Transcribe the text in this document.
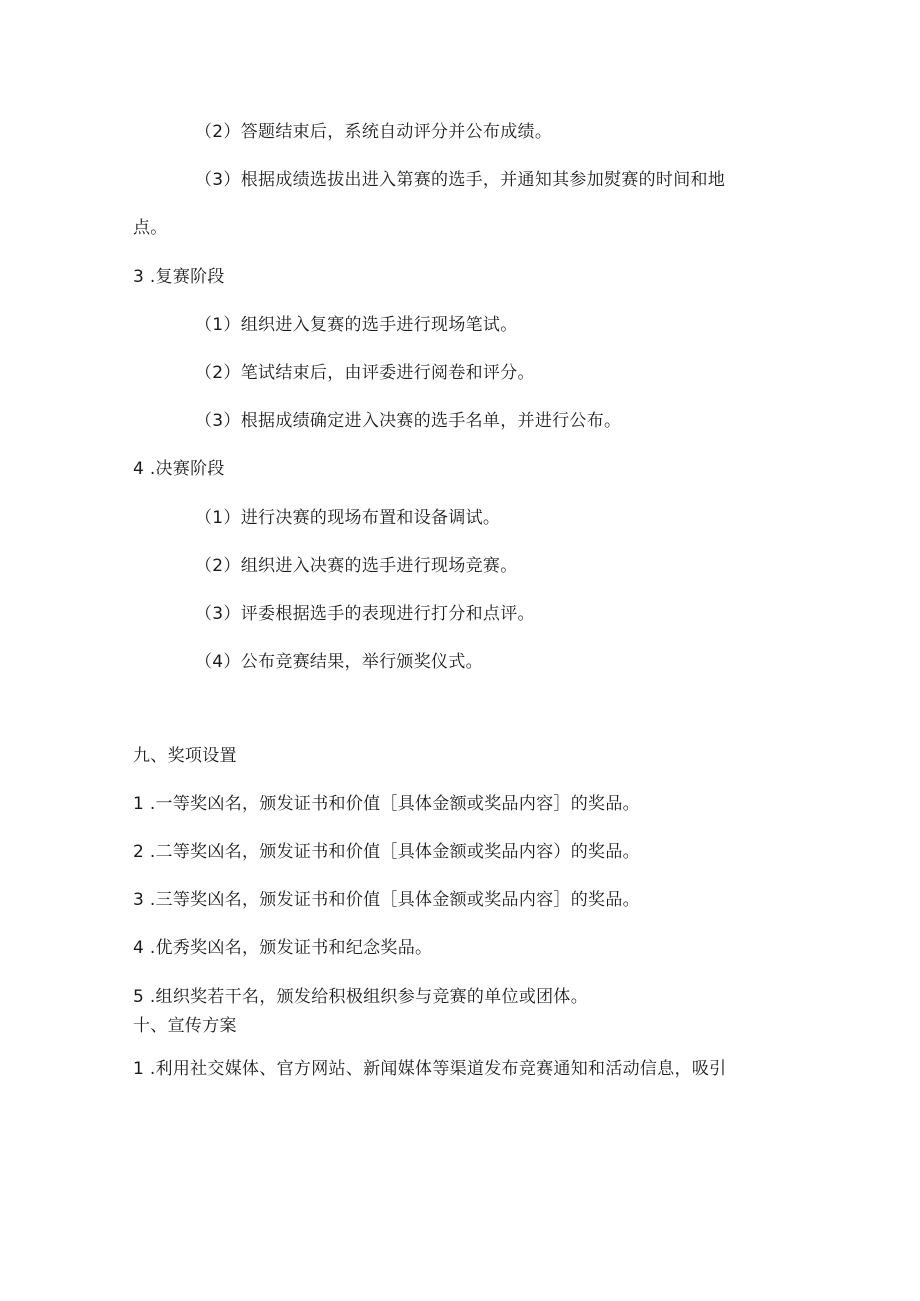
（2）答题结束后，系统自动评分并公布成绩。
（3）根据成绩选拔出进入第赛的选手，并通知其参加熨赛的时间和地
点。
3 .复赛阶段
（1）组织进入复赛的选手进行现场笔试。
（2）笔试结束后，由评委进行阅卷和评分。
（3）根据成绩确定进入决赛的选手名单，并进行公布。
4 .决赛阶段
（1）进行决赛的现场布置和设备调试。
（2）组织进入决赛的选手进行现场竞赛。
（3）评委根据选手的表现进行打分和点评。
（4）公布竞赛结果，举行颁奖仪式。
九、奖项设置
1 .一等奖凶名，颁发证书和价值［具体金额或奖品内容］的奖品。
2 .二等奖凶名，颁发证书和价值［具体金额或奖品内容）的奖品。
3 .三等奖凶名，颁发证书和价值［具体金额或奖品内容］的奖品。
4 .优秀奖凶名，颁发证书和纪念奖品。
5 .组织奖若干名，颁发给积极组织参与竞赛的单位或团体。
十、宣传方案
1 .利用社交媒体、官方网站、新闻媒体等渠道发布竞赛通知和活动信息，吸引
